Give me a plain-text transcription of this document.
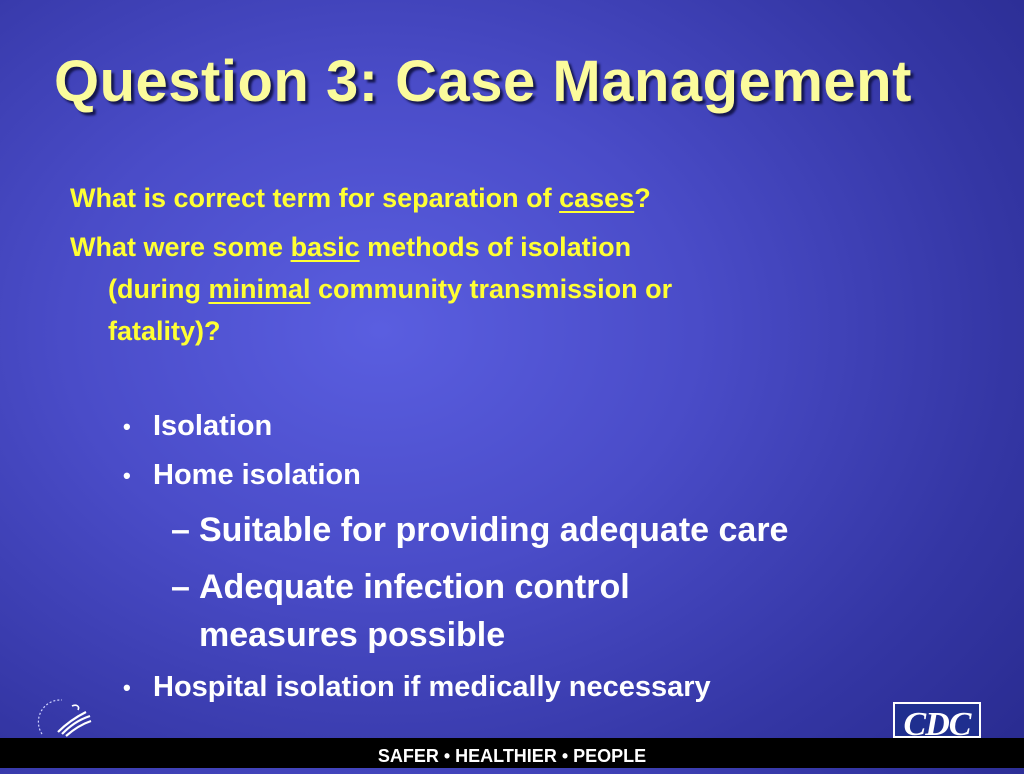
Question 3: Case Management
What is correct term for separation of cases?
What were some basic methods of isolation
(during minimal community transmission or
fatality)?
• Isolation
• Home isolation
– Suitable for providing adequate care
– Adequate infection control
measures possible
• Hospital isolation if medically necessary
CDC
SAFER • HEALTHIER • PEOPLE
